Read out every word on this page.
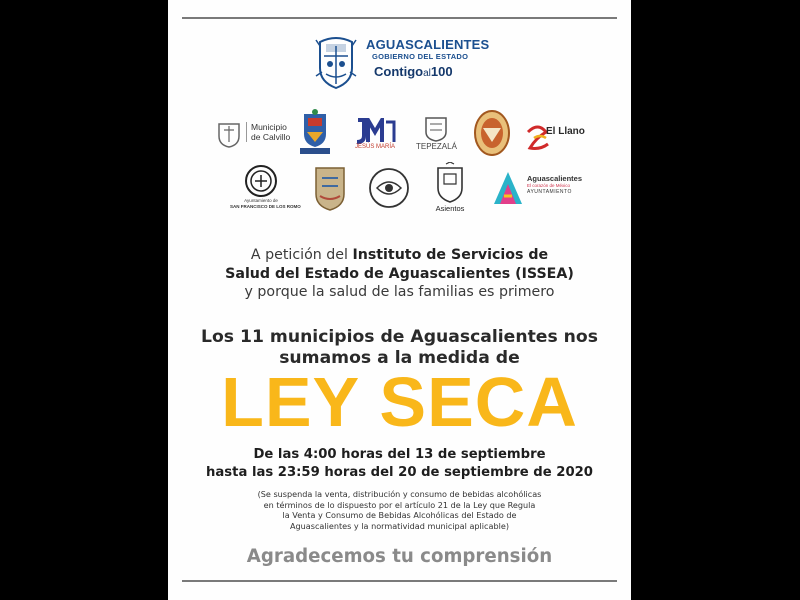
AGUASCALIENTES
GOBIERNO DEL ESTADO
Contigoal100
Municipio
de Calvillo
JESÚS MARÍA	TEPEZALÁ
El Llano
Ayuntamiento de
SAN FRANCISCO DE LOS ROMO	Asientos
Aguascalientes
El corazón de México
AYUNTAMIENTO
A petición del Instituto de Servicios de
Salud del Estado de Aguascalientes (ISSEA)
y porque la salud de las familias es primero
Los 11 municipios de Aguascalientes nos
sumamos a la medida de
LEY SECA
De las 4:00 horas del 13 de septiembre
hasta las 23:59 horas del 20 de septiembre de 2020
(Se suspenda la venta, distribución y consumo de bebidas alcohólicas
en términos de lo dispuesto por el artículo 21 de la Ley que Regula
la Venta y Consumo de Bebidas Alcohólicas del Estado de
Aguascalientes y la normatividad municipal aplicable)
Agradecemos tu comprensión
